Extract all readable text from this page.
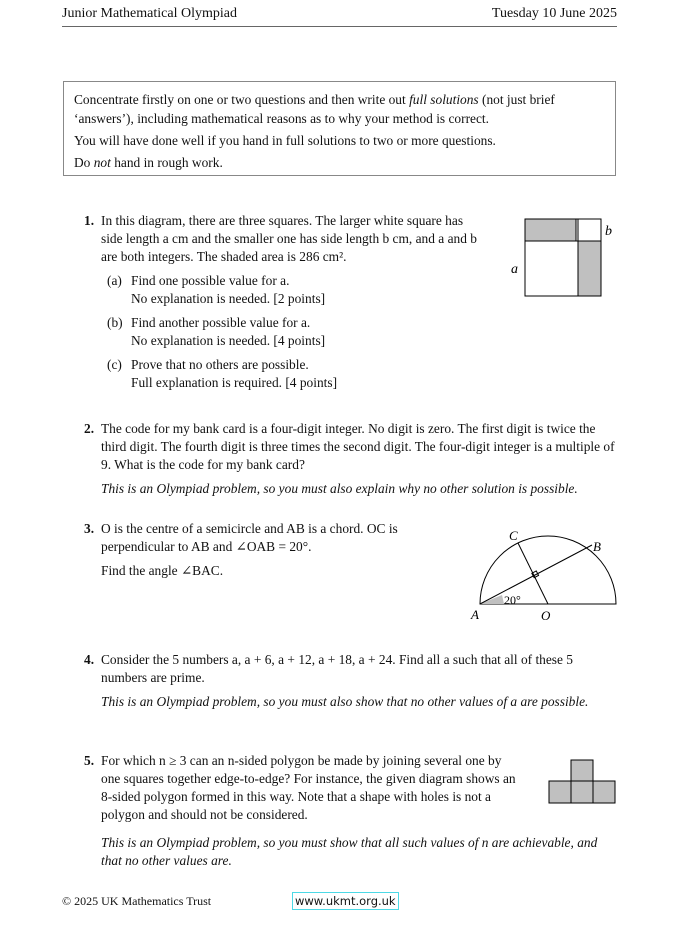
Junior Mathematical Olympiad	Tuesday 10 June 2025

Concentrate firstly on one or two questions and then write out full solutions (not just brief ‘answers’), including mathematical reasons as to why your method is correct.

You will have done well if you hand in full solutions to two or more questions.

Do not hand in rough work.

1. In this diagram, there are three squares. The larger white square has side length a cm and the smaller one has side length b cm, and a and b are both integers. The shaded area is 286 cm².

(a) Find one possible value for a.
No explanation is needed. [2 points]
(b) Find another possible value for a.
No explanation is needed. [4 points]
(c) Prove that no others are possible.
Full explanation is required. [4 points]
b
a
2. The code for my bank card is a four-digit integer. No digit is zero. The first digit is twice the third digit. The fourth digit is three times the second digit. The four-digit integer is a multiple of 9. What is the code for my bank card?

This is an Olympiad problem, so you must also explain why no other solution is possible.

3. O is the centre of a semicircle and AB is a chord. OC is perpendicular to AB and ∠OAB = 20°.

Find the angle ∠BAC.

20°
A	O
C
B
4. Consider the 5 numbers a, a + 6, a + 12, a + 18, a + 24. Find all a such that all of these 5 numbers are prime.

This is an Olympiad problem, so you must also show that no other values of a are possible.

5. For which n ≥ 3 can an n-sided polygon be made by joining several one by one squares together edge-to-edge? For instance, the given diagram shows an 8-sided polygon formed in this way. Note that a shape with holes is not a polygon and should not be considered.

This is an Olympiad problem, so you must show that all such values of n are achievable, and that no other values are.

© 2025 UK Mathematics Trust	www.ukmt.org.uk
